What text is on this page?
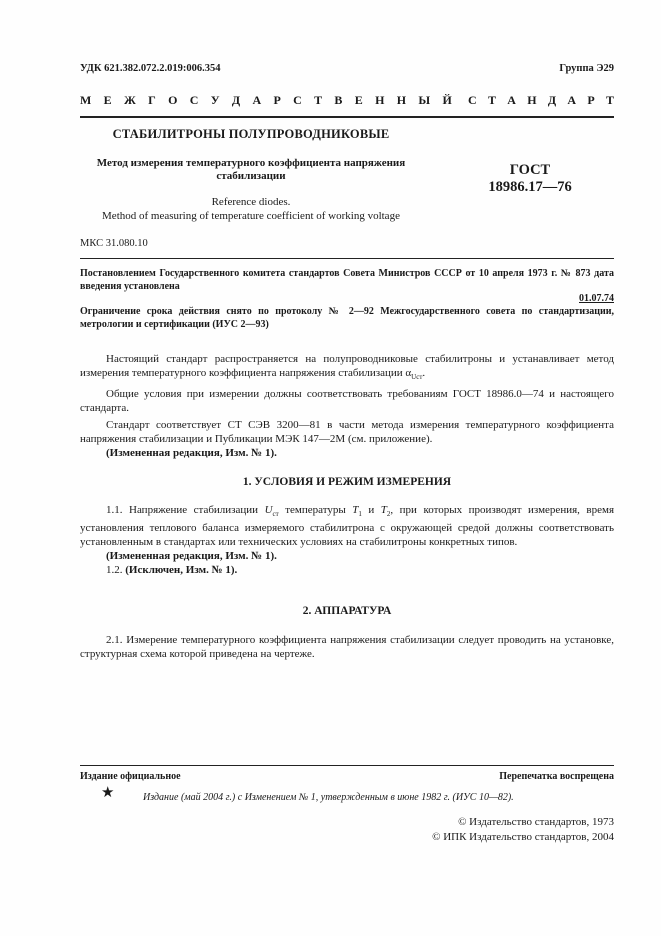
УДК 621.382.072.2.019:006.354	Группа Э29
М Е Ж Г О С У Д А Р С Т В Е Н Н Ы Й С Т А Н Д А Р Т
СТАБИЛИТРОНЫ ПОЛУПРОВОДНИКОВЫЕ
Метод измерения температурного коэффициента напряжения
стабилизации
Reference diodes.
Method of measuring of temperature coefficient of working voltage
ГОСТ
18986.17—76
МКС 31.080.10
Постановлением Государственного комитета стандартов Совета Министров СССР от 10 апреля 1973 г. № 873 дата введения установлена
01.07.74
Ограничение срока действия снято по протоколу № 2—92 Межгосударственного совета по стандартизации, метрологии и сертификации (ИУС 2—93)

Настоящий стандарт распространяется на полупроводниковые стабилитроны и устанавливает метод измерения температурного коэффициента напряжения стабилизации $\alpha_{Uст}$.

Общие условия при измерении должны соответствовать требованиям ГОСТ 18986.0—74 и настоящего стандарта.

Стандарт соответствует СТ СЭВ 3200—81 в части метода измерения температурного коэффициента напряжения стабилизации и Публикации МЭК 147—2М (см. приложение).

(Измененная редакция, Изм. № 1).

1. УСЛОВИЯ И РЕЖИМ ИЗМЕРЕНИЯ

1.1. Напряжение стабилизации $U_{ст}$ температуры $T_1$ и $T_2$, при которых производят измерения, время установления теплового баланса измеряемого стабилитрона с окружающей средой должны соответствовать установленным в стандартах или технических условиях на стабилитроны конкретных типов.

(Измененная редакция, Изм. № 1).

1.2. (Исключен, Изм. № 1).

2. АППАРАТУРА

2.1. Измерение температурного коэффициента напряжения стабилизации следует проводить на установке, структурная схема которой приведена на чертеже.

Издание официальное	Перепечатка воспрещена
★	Издание (май 2004 г.) с Изменением № 1, утвержденным в июне 1982 г. (ИУС 10—82).
© Издательство стандартов, 1973
© ИПК Издательство стандартов, 2004
